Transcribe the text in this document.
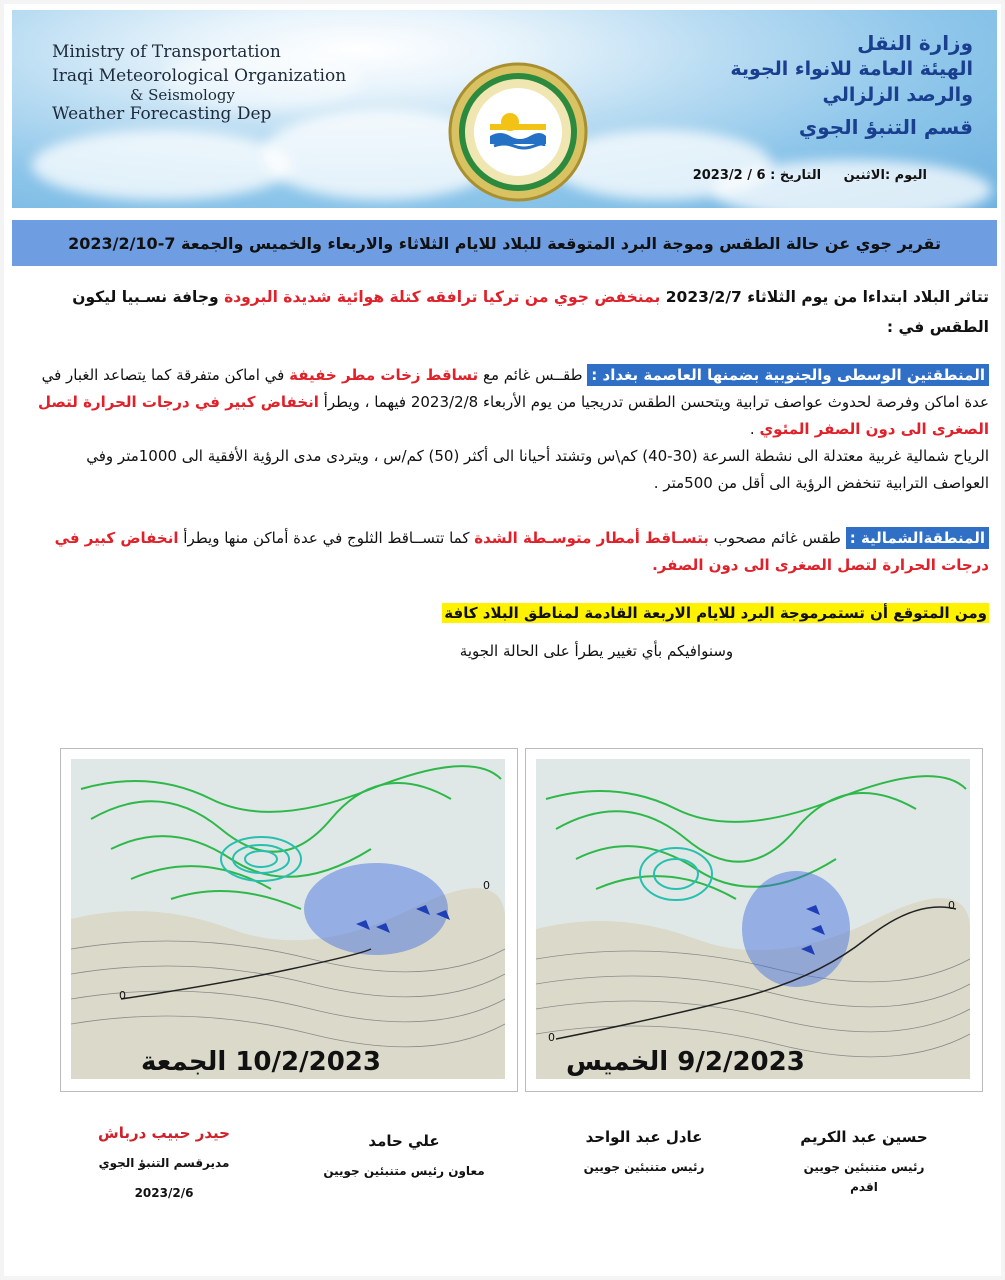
Ministry of Transportation
Iraqi Meteorological Organization
& Seismology
Weather Forecasting Dep
وزارة النقل
الهيئة العامة للانواء الجوية
والرصد الزلزالي
قسم التنبؤ الجوي
اليوم :الاثنين التاريخ : 6 / 2023/2
تقرير جوي عن حالة الطقس وموجة البرد المتوقعة للبلاد للايام الثلاثاء والاربعاء والخميس والجمعة 7-2023/2/10

تتاثر البلاد ابتداءا من يوم الثلاثاء 2023/2/7 بمنخفض جوي من تركيا ترافقه كتلة هوائية شديدة البرودة وجافة نسـبيا ليكون الطقس في :

المنطقتين الوسطى والجنوبية بضمنها العاصمة بغداد : طقــس غائم مع تساقط زخات مطر خفيفة في اماكن متفرقة كما يتصاعد الغبار في عدة اماكن وفرصة لحدوث عواصف ترابية ويتحسن الطقس تدريجيا من يوم الأربعاء 2023/2/8 فيهما ، ويطرأ انخفاض كبير في درجات الحرارة لتصل الصغرى الى دون الصفر المئوي .

الرياح شمالية غربية معتدلة الى نشطة السرعة (30-40) كم\س وتشتد أحيانا الى أكثر (50) كم/س ، ويتردى مدى الرؤية الأفقية الى 1000متر وفي العواصف الترابية تنخفض الرؤية الى أقل من 500متر .

المنطقةالشمالية : طقس غائم مصحوب بتسـاقط أمطار متوسـطة الشدة كما تتســاقط الثلوج في عدة أماكن منها ويطرأ انخفاض كبير في درجات الحرارة لتصل الصغرى الى دون الصفر.

ومن المتوقع أن تستمرموجة البرد للايام الاربعة القادمة لمناطق البلاد كافة
وسنوافيكم بأي تغيير يطرأ على الحالة الجوية
0
0
10/2/2023 الجمعة
0
0
9/2/2023 الخميس
حسين عبد الكريم
رئيس متنبئين جويين
اقدم
عادل عبد الواحد
رئيس متنبئين جويين
علي حامد
معاون رئيس متنبئين جويين
حيدر حبيب درباش
مديرقسم التنبؤ الجوي
2023/2/6
